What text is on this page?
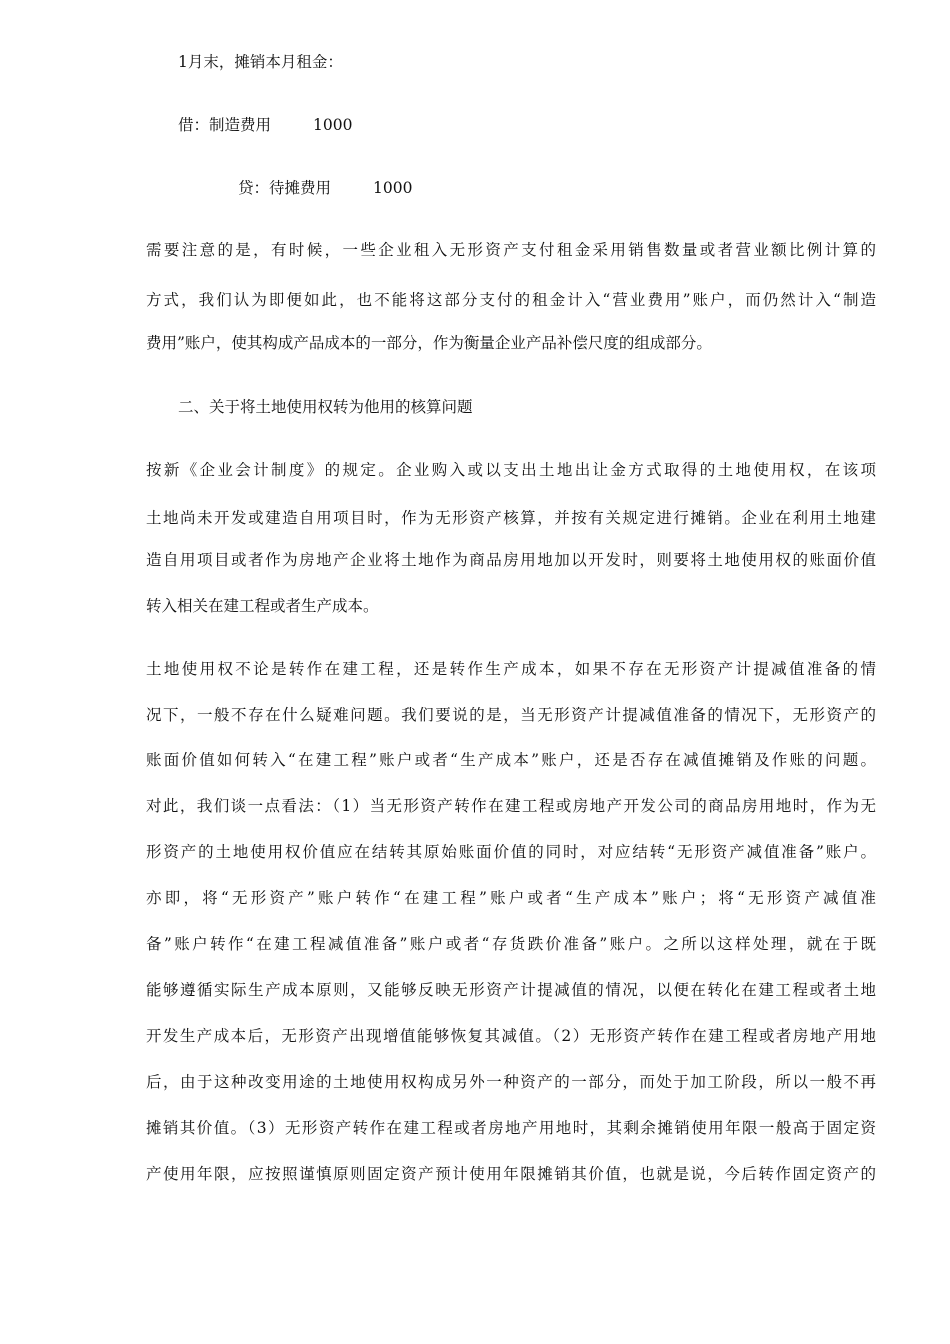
1月末，摊销本月租金：
借：制造费用	1000
贷：待摊费用	1000
需要注意的是，有时候，一些企业租入无形资产支付租金采用销售数量或者营业额比例计算的
方式，我们认为即便如此，也不能将这部分支付的租金计入“营业费用”账户，而仍然计入“制造
费用”账户，使其构成产品成本的一部分，作为衡量企业产品补偿尺度的组成部分。
二、关于将土地使用权转为他用的核算问题
按新《企业会计制度》的规定。企业购入或以支出土地出让金方式取得的土地使用权，在该项
土地尚未开发或建造自用项目时，作为无形资产核算，并按有关规定进行摊销。企业在利用土地建
造自用项目或者作为房地产企业将土地作为商品房用地加以开发时，则要将土地使用权的账面价值
转入相关在建工程或者生产成本。
土地使用权不论是转作在建工程，还是转作生产成本，如果不存在无形资产计提减值准备的情
况下，一般不存在什么疑难问题。我们要说的是，当无形资产计提减值准备的情况下，无形资产的
账面价值如何转入“在建工程”账户或者“生产成本”账户，还是否存在减值摊销及作账的问题。
对此，我们谈一点看法：（1）当无形资产转作在建工程或房地产开发公司的商品房用地时，作为无
形资产的土地使用权价值应在结转其原始账面价值的同时，对应结转“无形资产减值准备”账户。
亦即，将“无形资产”账户转作“在建工程”账户或者“生产成本”账户；将“无形资产减值准
备”账户转作“在建工程减值准备”账户或者“存货跌价准备”账户。之所以这样处理，就在于既
能够遵循实际生产成本原则，又能够反映无形资产计提减值的情况，以便在转化在建工程或者土地
开发生产成本后，无形资产出现增值能够恢复其减值。（2）无形资产转作在建工程或者房地产用地
后，由于这种改变用途的土地使用权构成另外一种资产的一部分，而处于加工阶段，所以一般不再
摊销其价值。（3）无形资产转作在建工程或者房地产用地时，其剩余摊销使用年限一般高于固定资
产使用年限，应按照谨慎原则固定资产预计使用年限摊销其价值，也就是说，今后转作固定资产的
